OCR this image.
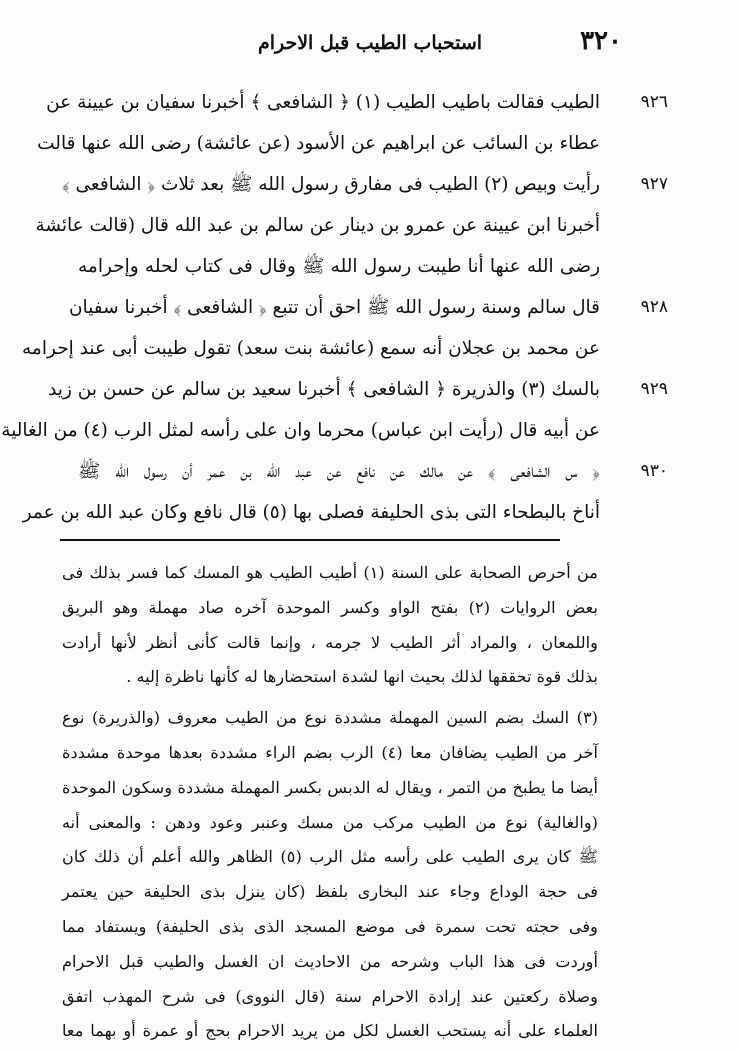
استحباب الطيب قبل الاحرام	٣٢٠
٩٢٦
٩٢٧
٩٢٨
٩٢٩
٩٣٠
الطيب فقالت باطيب الطيب (١) ﴿ الشافعى ﴾ أخبرنا سفيان بن عيينة عن
عطاء بن السائب عن ابراهيم عن الأسود (عن عائشة) رضى الله عنها قالت
رأيت وبيص (٢) الطيب فى مفارق رسول الله ﷺ بعد ثلاث ﴿ الشافعى ﴾
أخبرنا ابن عيينة عن عمرو بن دينار عن سالم بن عبد الله قال (قالت عائشة
رضى الله عنها أنا طيبت رسول الله ﷺ وقال فى كتاب لحله وإحرامه
قال سالم وسنة رسول الله ﷺ احق أن تتبع ﴿ الشافعى ﴾ أخبرنا سفيان
عن محمد بن عجلان أنه سمع (عائشة بنت سعد) تقول طيبت أبى عند إحرامه
بالسك (٣) والذريرة ﴿ الشافعى ﴾ أخبرنا سعيد بن سالم عن حسن بن زيد
عن أبيه قال (رأيت ابن عباس) محرما وان على رأسه لمثل الرب (٤) من الغالية
﴿ س الشافعى ﴾ عن مالك عن نافع عن عبد الله بن عمر أن رسول الله ﷺ
أناخ بالبطحاء التى بذى الحليفة فصلى بها (٥) قال نافع وكان عبد الله بن عمر
من أحرص الصحابة على السنة (١) أطيب الطيب هو المسك كما فسر بذلك فى
بعض الروايات (٢) بفتح الواو وكسر الموحدة آخره صاد مهملة وهو البريق
واللمعان ، والمراد أثر الطيب لا جرمه ، وإنما قالت كأنى أنظر لأنها أرادت
بذلك قوة تحققها لذلك بحيث انها لشدة استحضارها له كأنها ناظرة إليه .
(٣) السك بضم السين المهملة مشددة نوع من الطيب معروف (والذريرة) نوع
آخر من الطيب يضافان معا (٤) الرب بضم الراء مشددة بعدها موحدة مشددة
أيضا ما يطبخ من التمر ، ويقال له الدبس بكسر المهملة مشددة وسكون الموحدة
(والغالية) نوع من الطيب مركب من مسك وعنبر وعود ودهن : والمعنى أنه
ﷺ كان يرى الطيب على رأسه مثل الرب (٥) الظاهر والله أعلم أن ذلك كان
فى حجة الوداع وجاء عند البخارى بلفظ (كان ينزل بذى الحليفة حين يعتمر
وفى حجته تحت سمرة فى موضع المسجد الذى بذى الحليفة) ويستفاد مما
أوردت فى هذا الباب وشرحه من الاحاديث ان الغسل والطيب قبل الاحرام
وصلاة ركعتين عند إرادة الاحرام سنة (قال النووى) فى شرح المهذب اتفق
العلماء على أنه يستحب الغسل لكل من يريد الاحرام بحج أو عمرة أو بهما معا
